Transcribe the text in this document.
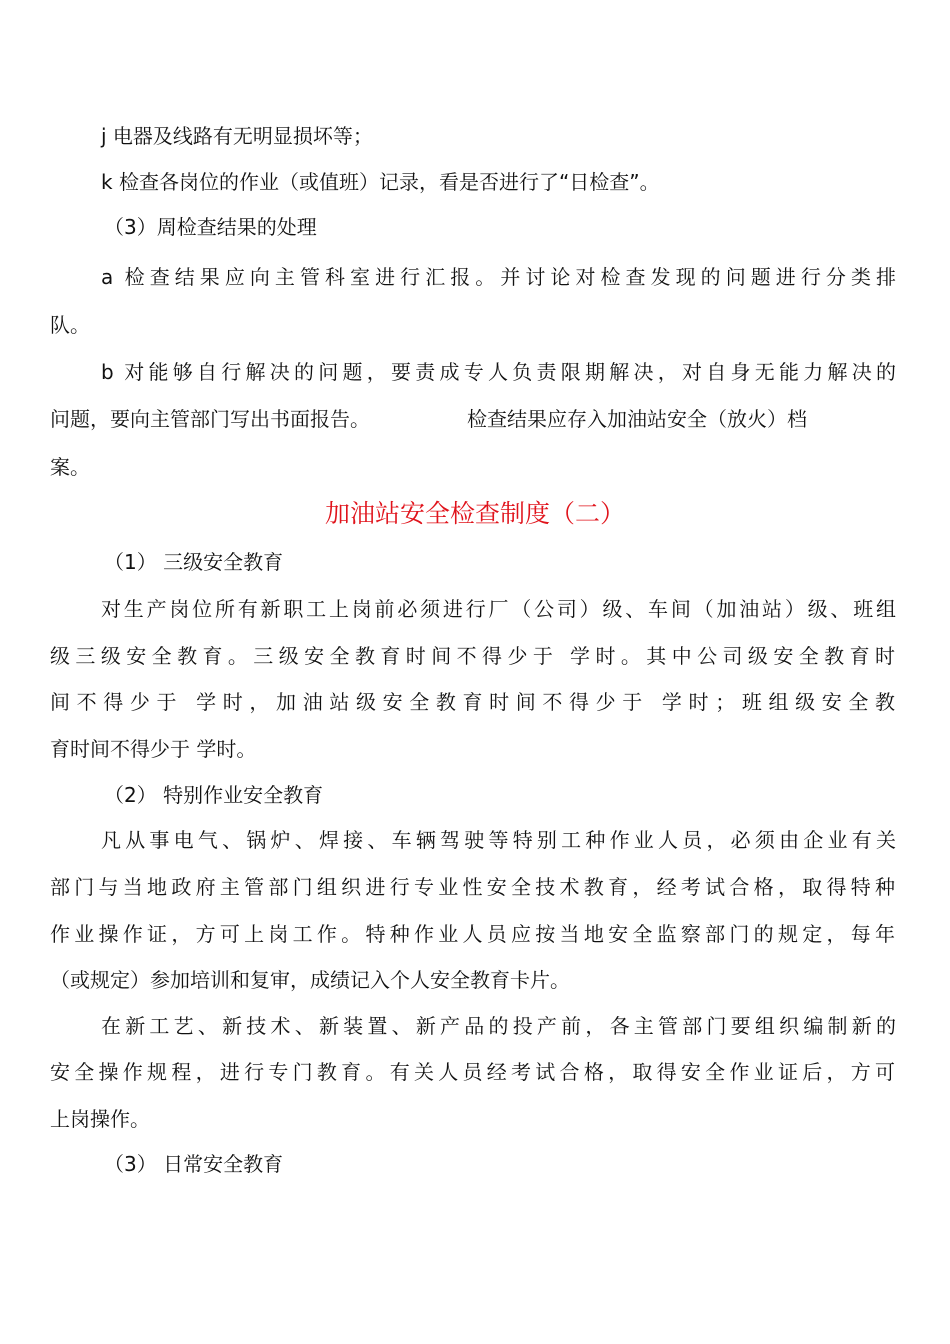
j 电器及线路有无明显损坏等；
k 检查各岗位的作业（或值班）记录，看是否进行了“日检查”。
（3）周检查结果的处理
a 检查结果应向主管科室进行汇报。并讨论对检查发现的问题进行分类排
队。
b 对能够自行解决的问题，要责成专人负责限期解决，对自身无能力解决的
问题，要向主管部门写出书面报告。	检查结果应存入加油站安全（放火）档
案。
加油站安全检查制度（二）
（1） 三级安全教育
对生产岗位所有新职工上岗前必须进行厂（公司）级、车间（加油站）级、班组
级三级安全教育。三级安全教育时间不得少于 学时。其中公司级安全教育时
间不得少于 学时，加油站级安全教育时间不得少于 学时；班组级安全教
育时间不得少于 学时。
（2） 特别作业安全教育
凡从事电气、锅炉、焊接、车辆驾驶等特别工种作业人员，必须由企业有关
部门与当地政府主管部门组织进行专业性安全技术教育，经考试合格，取得特种
作业操作证，方可上岗工作。特种作业人员应按当地安全监察部门的规定，每年
（或规定）参加培训和复审，成绩记入个人安全教育卡片。
在新工艺、新技术、新装置、新产品的投产前，各主管部门要组织编制新的
安全操作规程，进行专门教育。有关人员经考试合格，取得安全作业证后，方可
上岗操作。
（3） 日常安全教育
